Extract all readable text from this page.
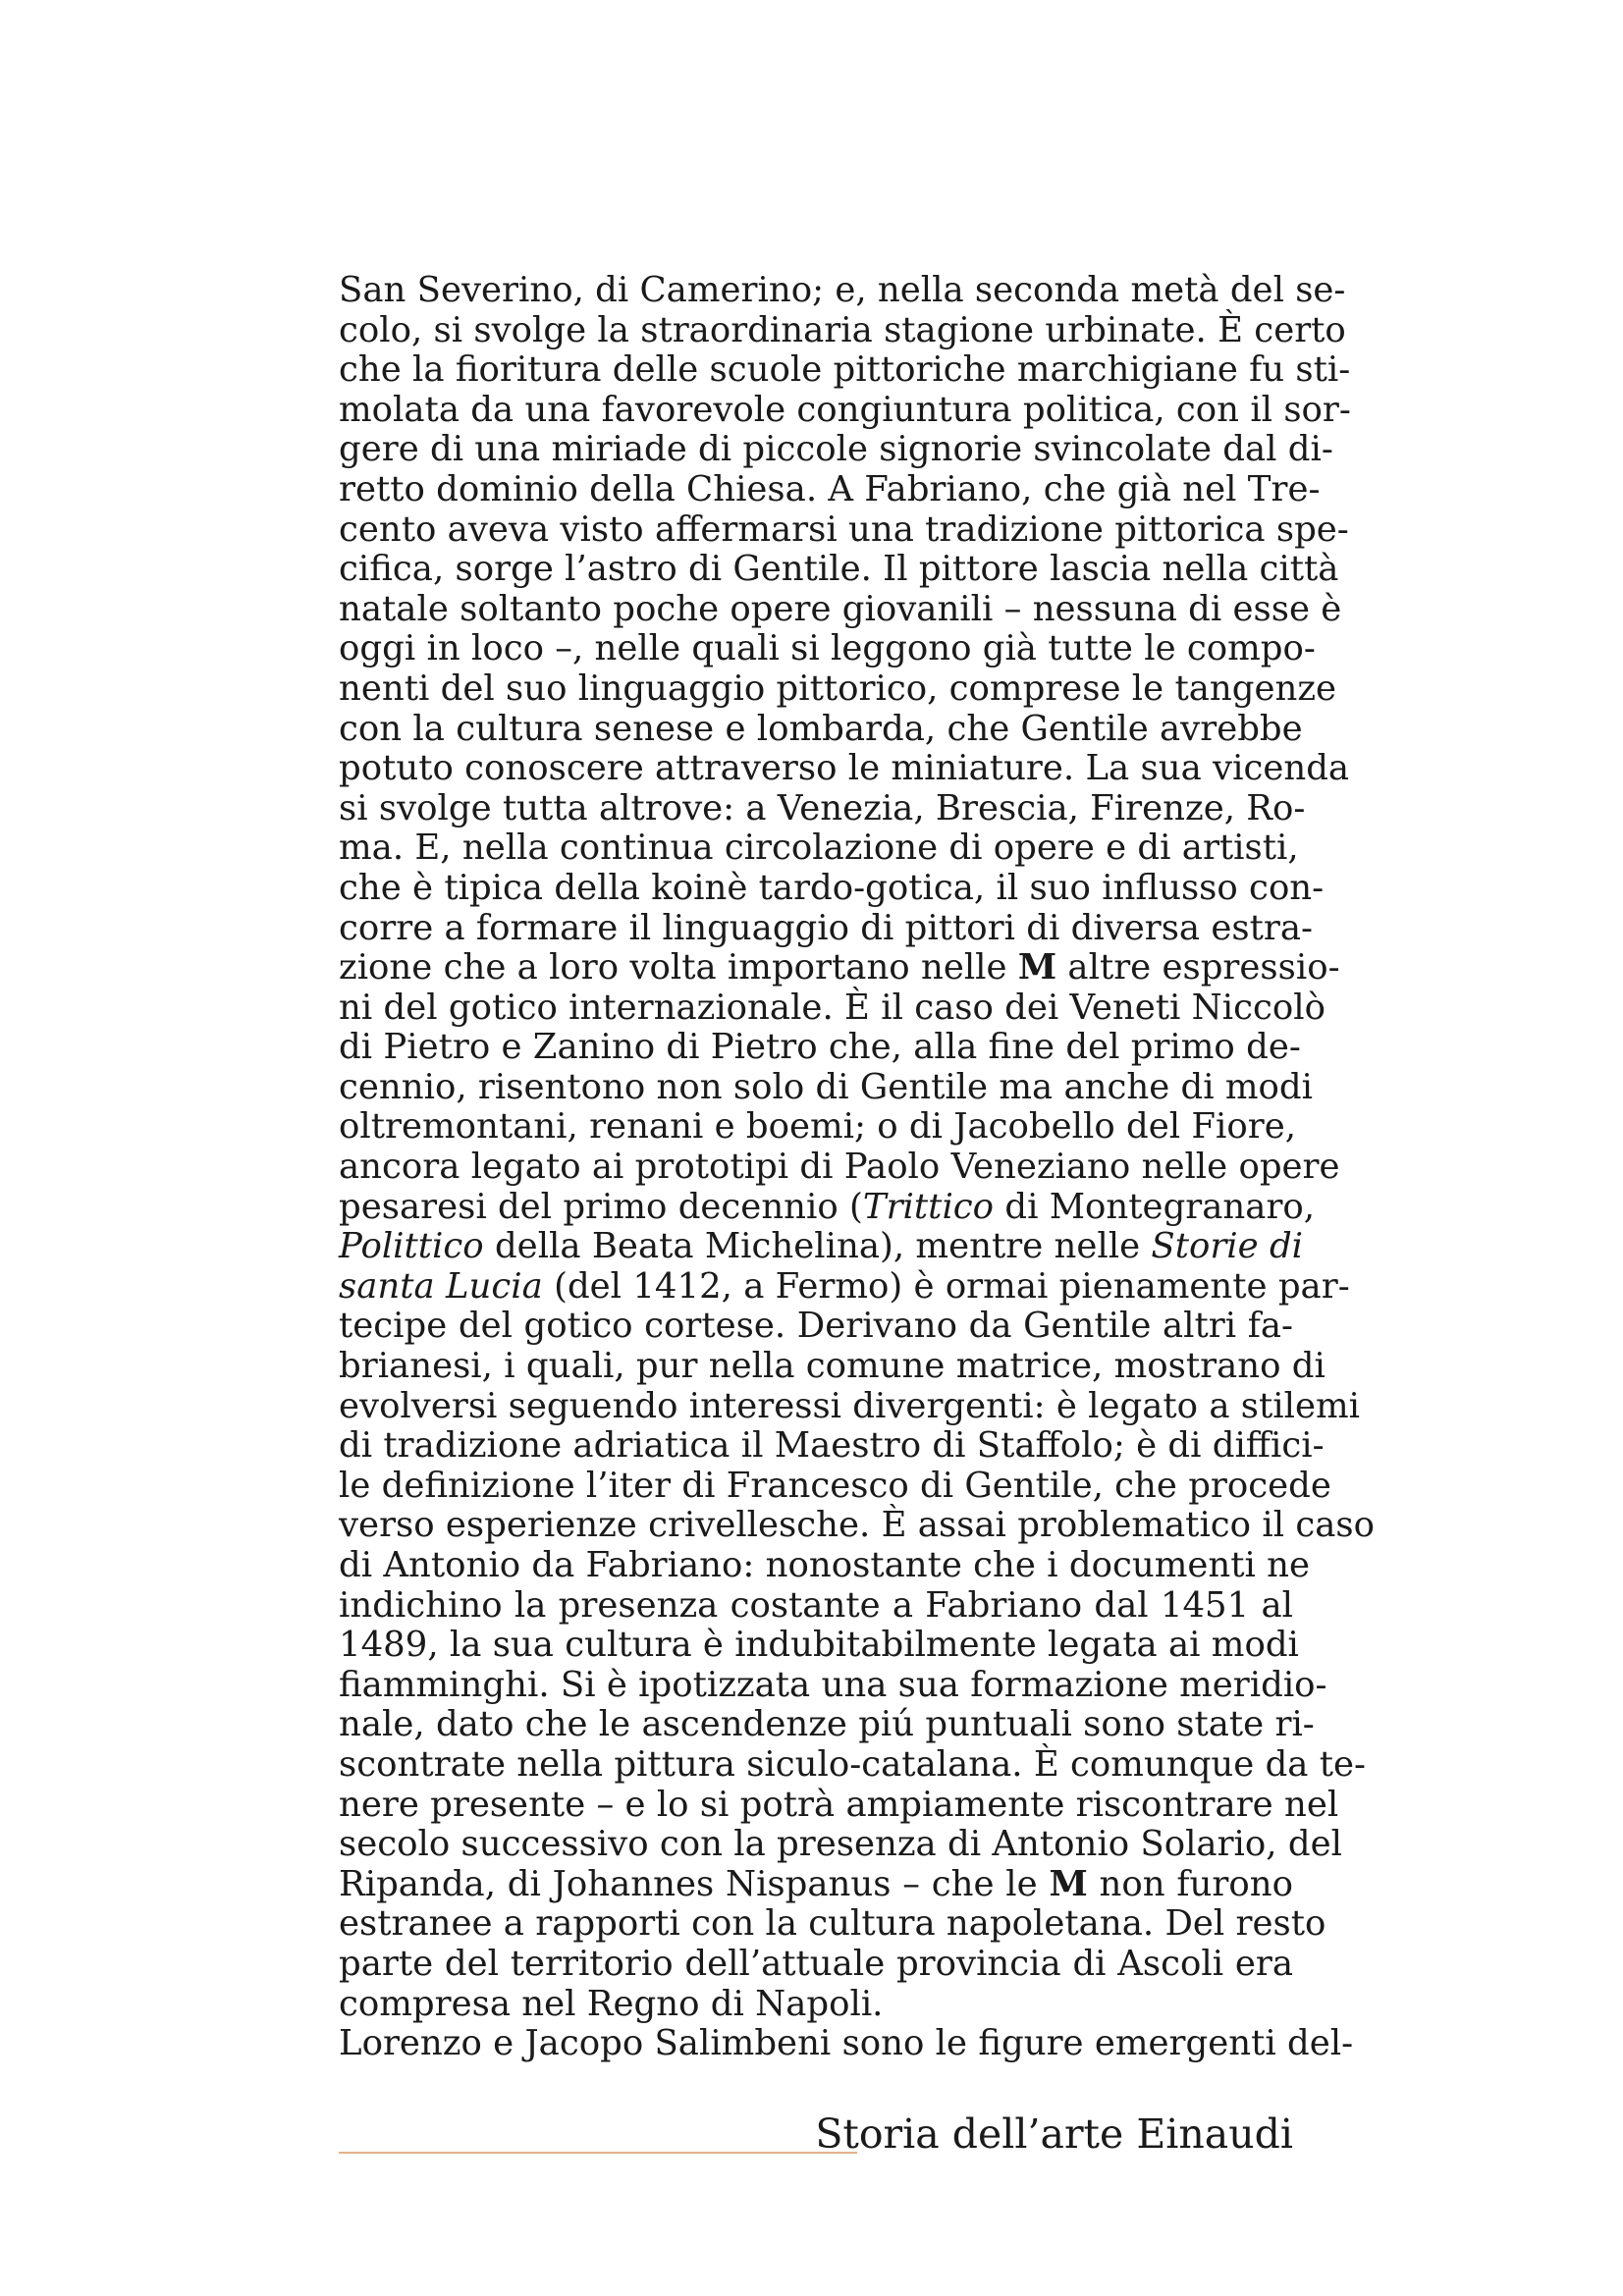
San Severino, di Camerino; e, nella seconda metà del se-
colo, si svolge la straordinaria stagione urbinate. È certo
che la fioritura delle scuole pittoriche marchigiane fu sti-
molata da una favorevole congiuntura politica, con il sor-
gere di una miriade di piccole signorie svincolate dal di-
retto dominio della Chiesa. A Fabriano, che già nel Tre-
cento aveva visto affermarsi una tradizione pittorica spe-
cifica, sorge l’astro di Gentile. Il pittore lascia nella città
natale soltanto poche opere giovanili – nessuna di esse è
oggi in loco –, nelle quali si leggono già tutte le compo-
nenti del suo linguaggio pittorico, comprese le tangenze
con la cultura senese e lombarda, che Gentile avrebbe
potuto conoscere attraverso le miniature. La sua vicenda
si svolge tutta altrove: a Venezia, Brescia, Firenze, Ro-
ma. E, nella continua circolazione di opere e di artisti,
che è tipica della koinè tardo-gotica, il suo influsso con-
corre a formare il linguaggio di pittori di diversa estra-
zione che a loro volta importano nelle M altre espressio-
ni del gotico internazionale. È il caso dei Veneti Niccolò
di Pietro e Zanino di Pietro che, alla fine del primo de-
cennio, risentono non solo di Gentile ma anche di modi
oltremontani, renani e boemi; o di Jacobello del Fiore,
ancora legato ai prototipi di Paolo Veneziano nelle opere
pesaresi del primo decennio (Trittico di Montegranaro,
Polittico della Beata Michelina), mentre nelle Storie di
santa Lucia (del 1412, a Fermo) è ormai pienamente par-
tecipe del gotico cortese. Derivano da Gentile altri fa-
brianesi, i quali, pur nella comune matrice, mostrano di
evolversi seguendo interessi divergenti: è legato a stilemi
di tradizione adriatica il Maestro di Staffolo; è di diffici-
le definizione l’iter di Francesco di Gentile, che procede
verso esperienze crivellesche. È assai problematico il caso
di Antonio da Fabriano: nonostante che i documenti ne
indichino la presenza costante a Fabriano dal 1451 al
1489, la sua cultura è indubitabilmente legata ai modi
fiamminghi. Si è ipotizzata una sua formazione meridio-
nale, dato che le ascendenze piú puntuali sono state ri-
scontrate nella pittura siculo-catalana. È comunque da te-
nere presente – e lo si potrà ampiamente riscontrare nel
secolo successivo con la presenza di Antonio Solario, del
Ripanda, di Johannes Nispanus – che le M non furono
estranee a rapporti con la cultura napoletana. Del resto
parte del territorio dell’attuale provincia di Ascoli era
compresa nel Regno di Napoli.
Lorenzo e Jacopo Salimbeni sono le figure emergenti del-
Storia dell’arte Einaudi
